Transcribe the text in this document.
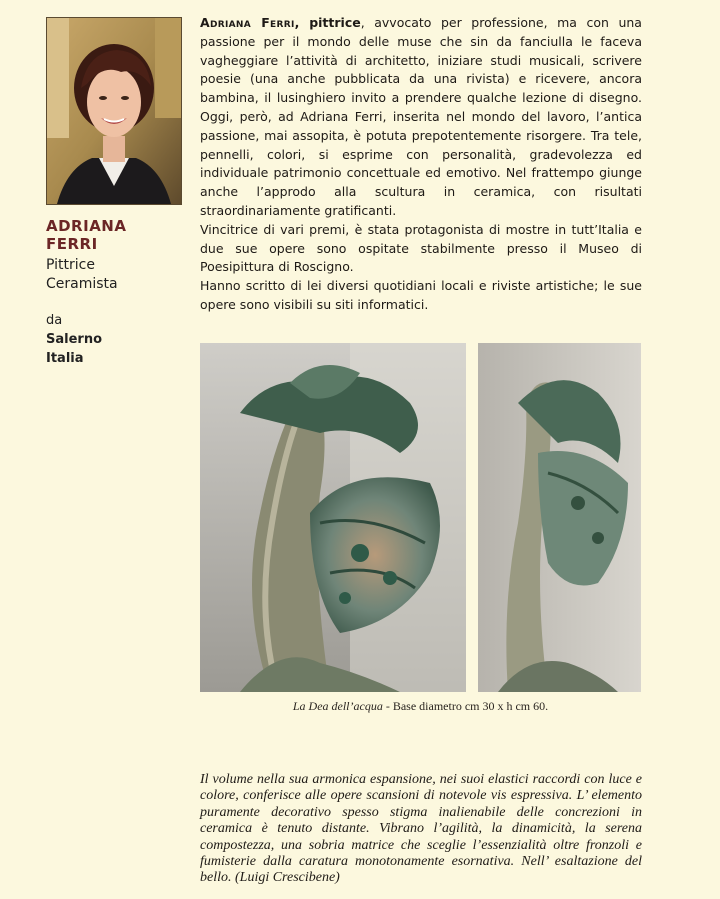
ADRIANA
FERRI
Pittrice
Ceramista
da
Salerno
Italia

Adriana Ferri, pittrice, avvocato per professione, ma con una passione per il mondo delle muse che sin da fanciulla le faceva vagheggiare l’attività di architetto, iniziare studi musicali, scrivere poesie (una anche pubblicata da una rivista) e ricevere, ancora bambina, il lusinghiero invito a prendere qualche lezione di disegno. Oggi, però, ad Adriana Ferri, inserita nel mondo del lavoro, l’antica passione, mai assopita, è potuta prepotentemente risorgere. Tra tele, pennelli, colori, si esprime con personalità, gradevolezza ed individuale patrimonio concettuale ed emotivo. Nel frattempo giunge anche l’approdo alla scultura in ceramica, con risultati straordinariamente gratificanti.

Vincitrice di vari premi, è stata protagonista di mostre in tutt’Italia e due sue opere sono ospitate stabilmente presso il Museo di Poesipittura di Roscigno.

Hanno scritto di lei diversi quotidiani locali e riviste artistiche; le sue opere sono visibili su siti informatici.

La Dea dell’acqua - Base diametro cm 30 x h cm 60.

Il volume nella sua armonica espansione, nei suoi elastici raccordi con luce e colore, conferisce alle opere scansioni di notevole vis espressiva. L’ elemento puramente decorativo spesso stigma inalienabile delle concrezioni in ceramica è tenuto distante. Vibrano l’agilità, la dinamicità, la serena compostezza, una sobria matrice che sceglie l’essenzialità oltre fronzoli e fumisterie dalla caratura monotonamente esornativa. Nell’ esaltazione del bello. (Luigi Crescibene)
